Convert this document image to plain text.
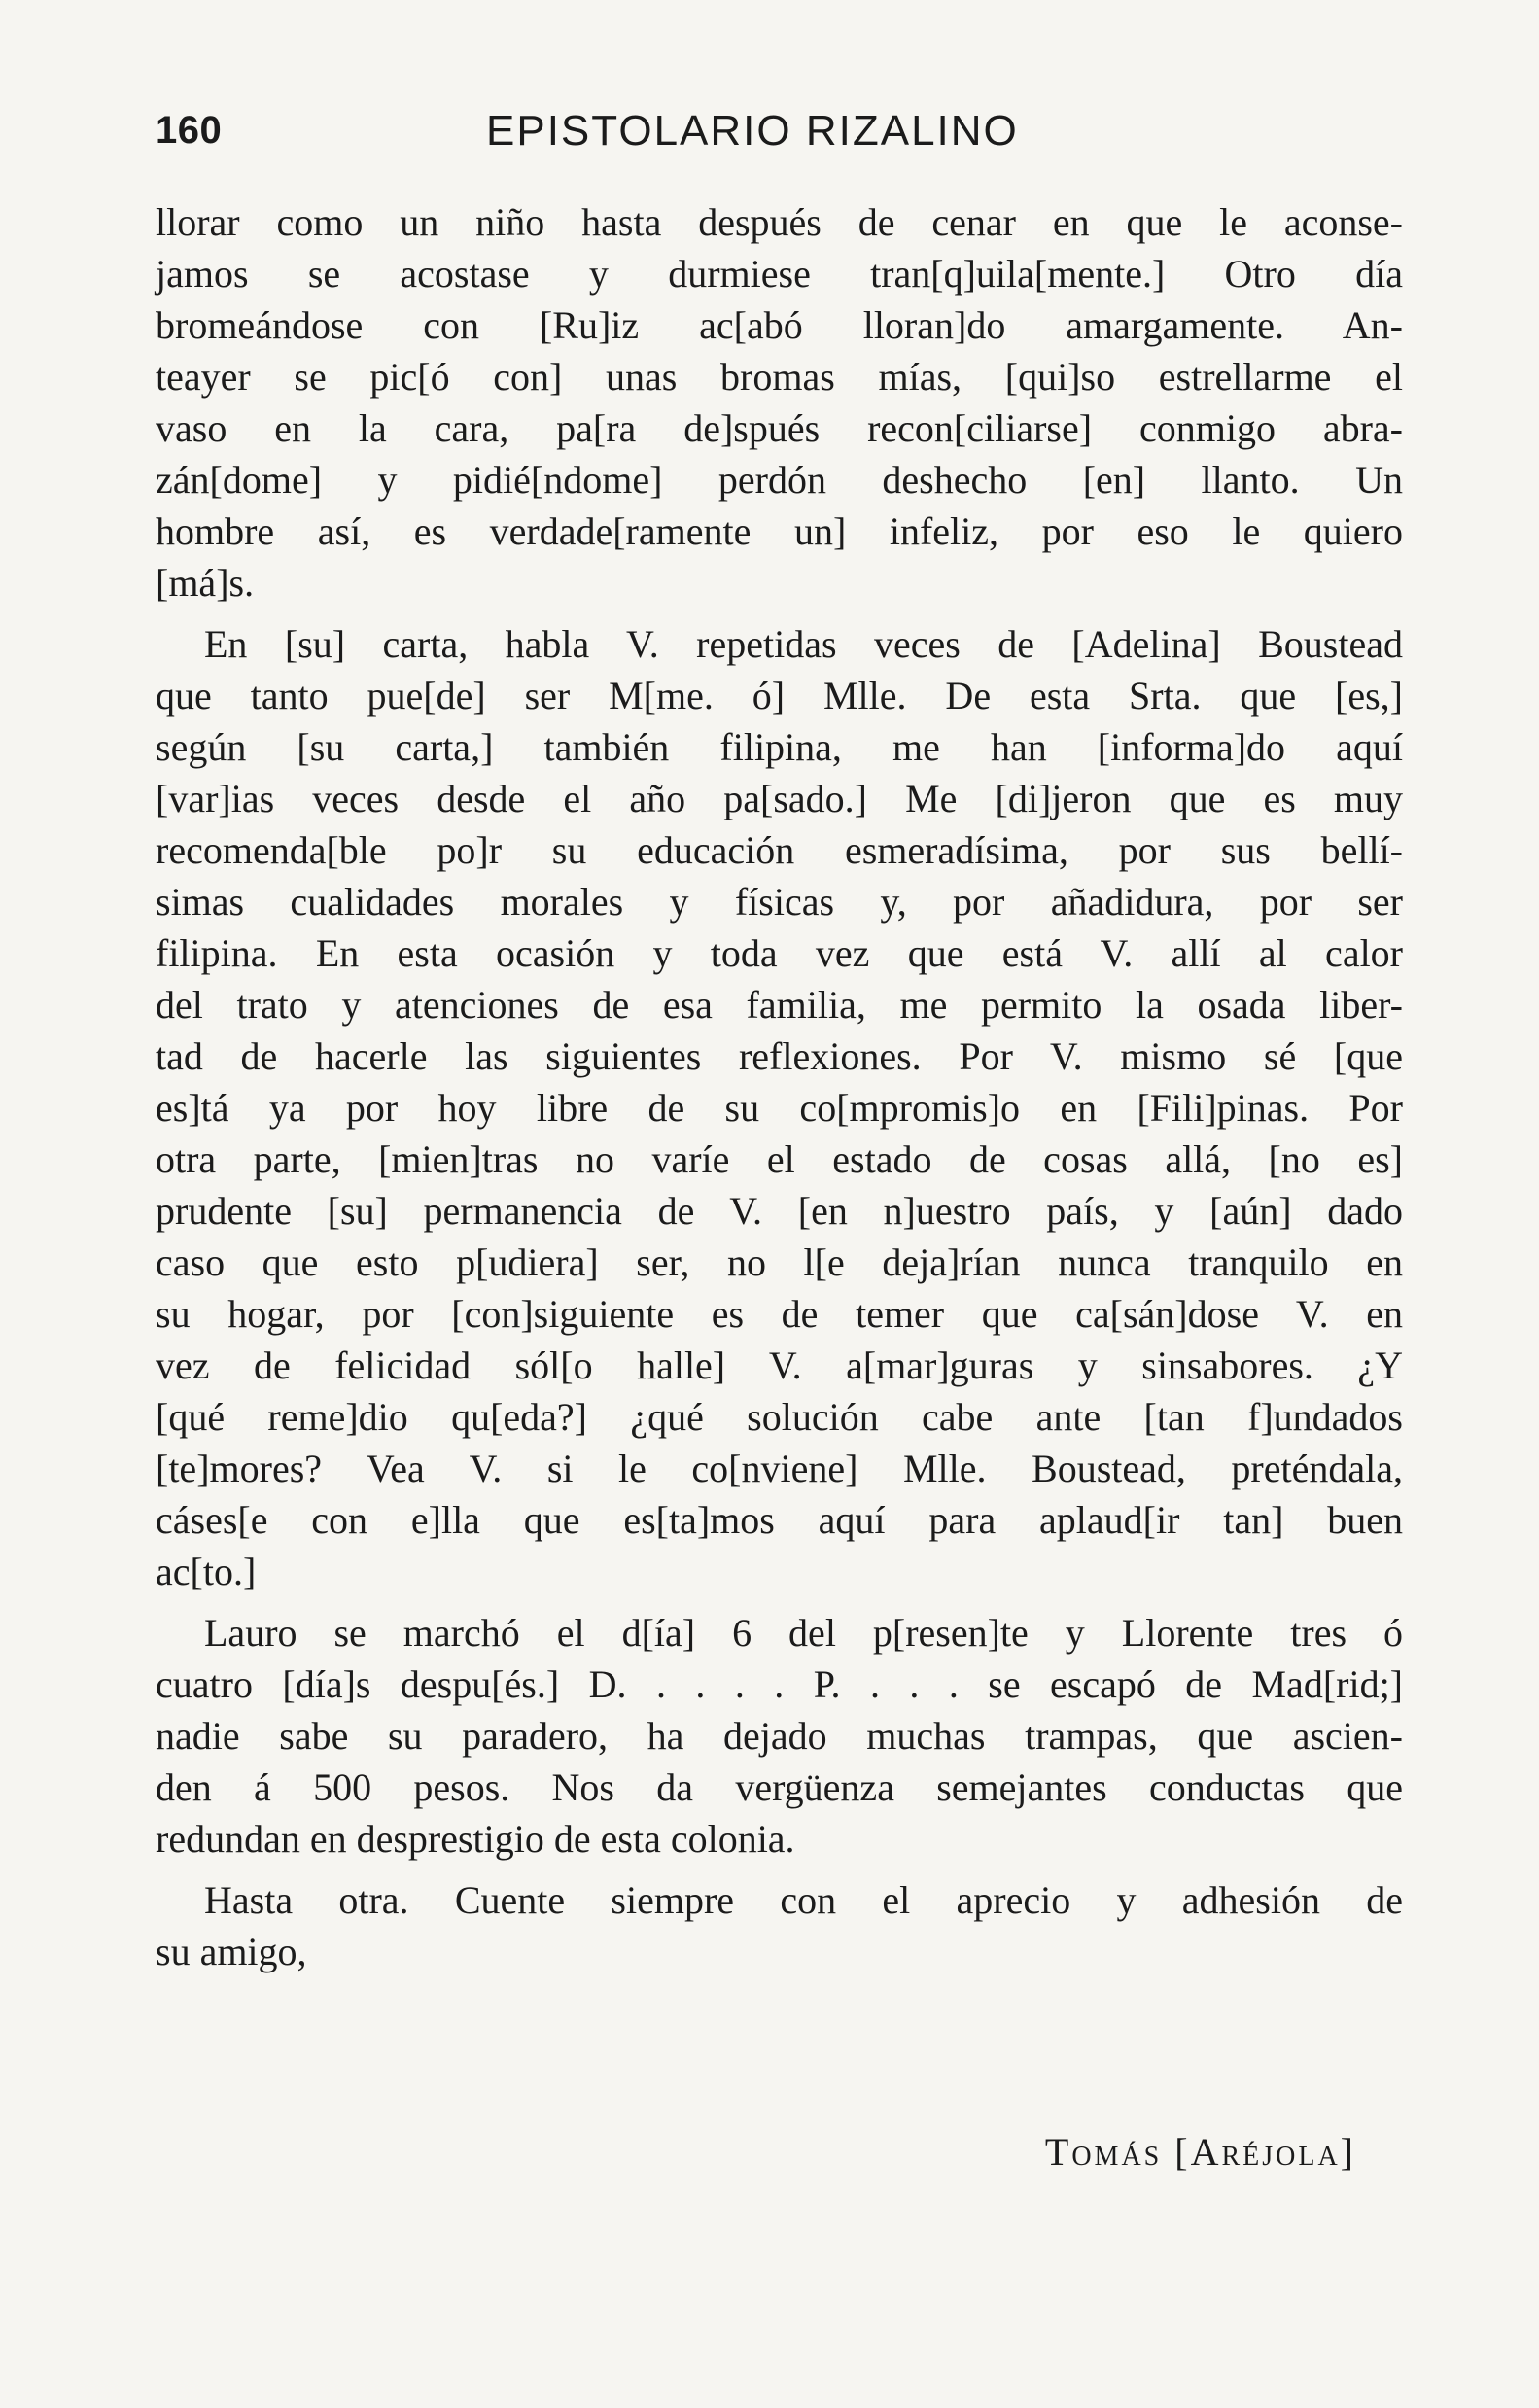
160	EPISTOLARIO RIZALINO
llorar como un niño hasta después de cenar en que le aconse-
jamos se acostase y durmiese tran[q]uila[mente.] Otro día
bromeándose con [Ru]iz ac[abó lloran]do amargamente. An-
teayer se pic[ó con] unas bromas mías, [qui]so estrellarme el
vaso en la cara, pa[ra de]spués recon[ciliarse] conmigo abra-
zán[dome] y pidié[ndome] perdón deshecho [en] llanto. Un
hombre así, es verdade[ramente un] infeliz, por eso le quiero
[má]s.
En [su] carta, habla V. repetidas veces de [Adelina] Boustead
que tanto pue[de] ser M[me. ó] Mlle. De esta Srta. que [es,]
según [su carta,] también filipina, me han [informa]do aquí
[var]ias veces desde el año pa[sado.] Me [di]jeron que es muy
recomenda[ble po]r su educación esmeradísima, por sus bellí-
simas cualidades morales y físicas y, por añadidura, por ser
filipina. En esta ocasión y toda vez que está V. allí al calor
del trato y atenciones de esa familia, me permito la osada liber-
tad de hacerle las siguientes reflexiones. Por V. mismo sé [que
es]tá ya por hoy libre de su co[mpromis]o en [Fili]pinas. Por
otra parte, [mien]tras no varíe el estado de cosas allá, [no es]
prudente [su] permanencia de V. [en n]uestro país, y [aún] dado
caso que esto p[udiera] ser, no l[e deja]rían nunca tranquilo en
su hogar, por [con]siguiente es de temer que ca[sán]dose V. en
vez de felicidad sól[o halle] V. a[mar]guras y sinsabores. ¿Y
[qué reme]dio qu[eda?] ¿qué solución cabe ante [tan f]undados
[te]mores? Vea V. si le co[nviene] Mlle. Boustead, preténdala,
cáses[e con e]lla que es[ta]mos aquí para aplaud[ir tan] buen
ac[to.]
Lauro se marchó el d[ía] 6 del p[resen]te y Llorente tres ó
cuatro [día]s despu[és.] D. . . . . P. . . . se escapó de Mad[rid;]
nadie sabe su paradero, ha dejado muchas trampas, que ascien-
den á 500 pesos. Nos da vergüenza semejantes conductas que
redundan en desprestigio de esta colonia.
Hasta otra. Cuente siempre con el aprecio y adhesión de
su amigo,
Tomás [Aréjola]
